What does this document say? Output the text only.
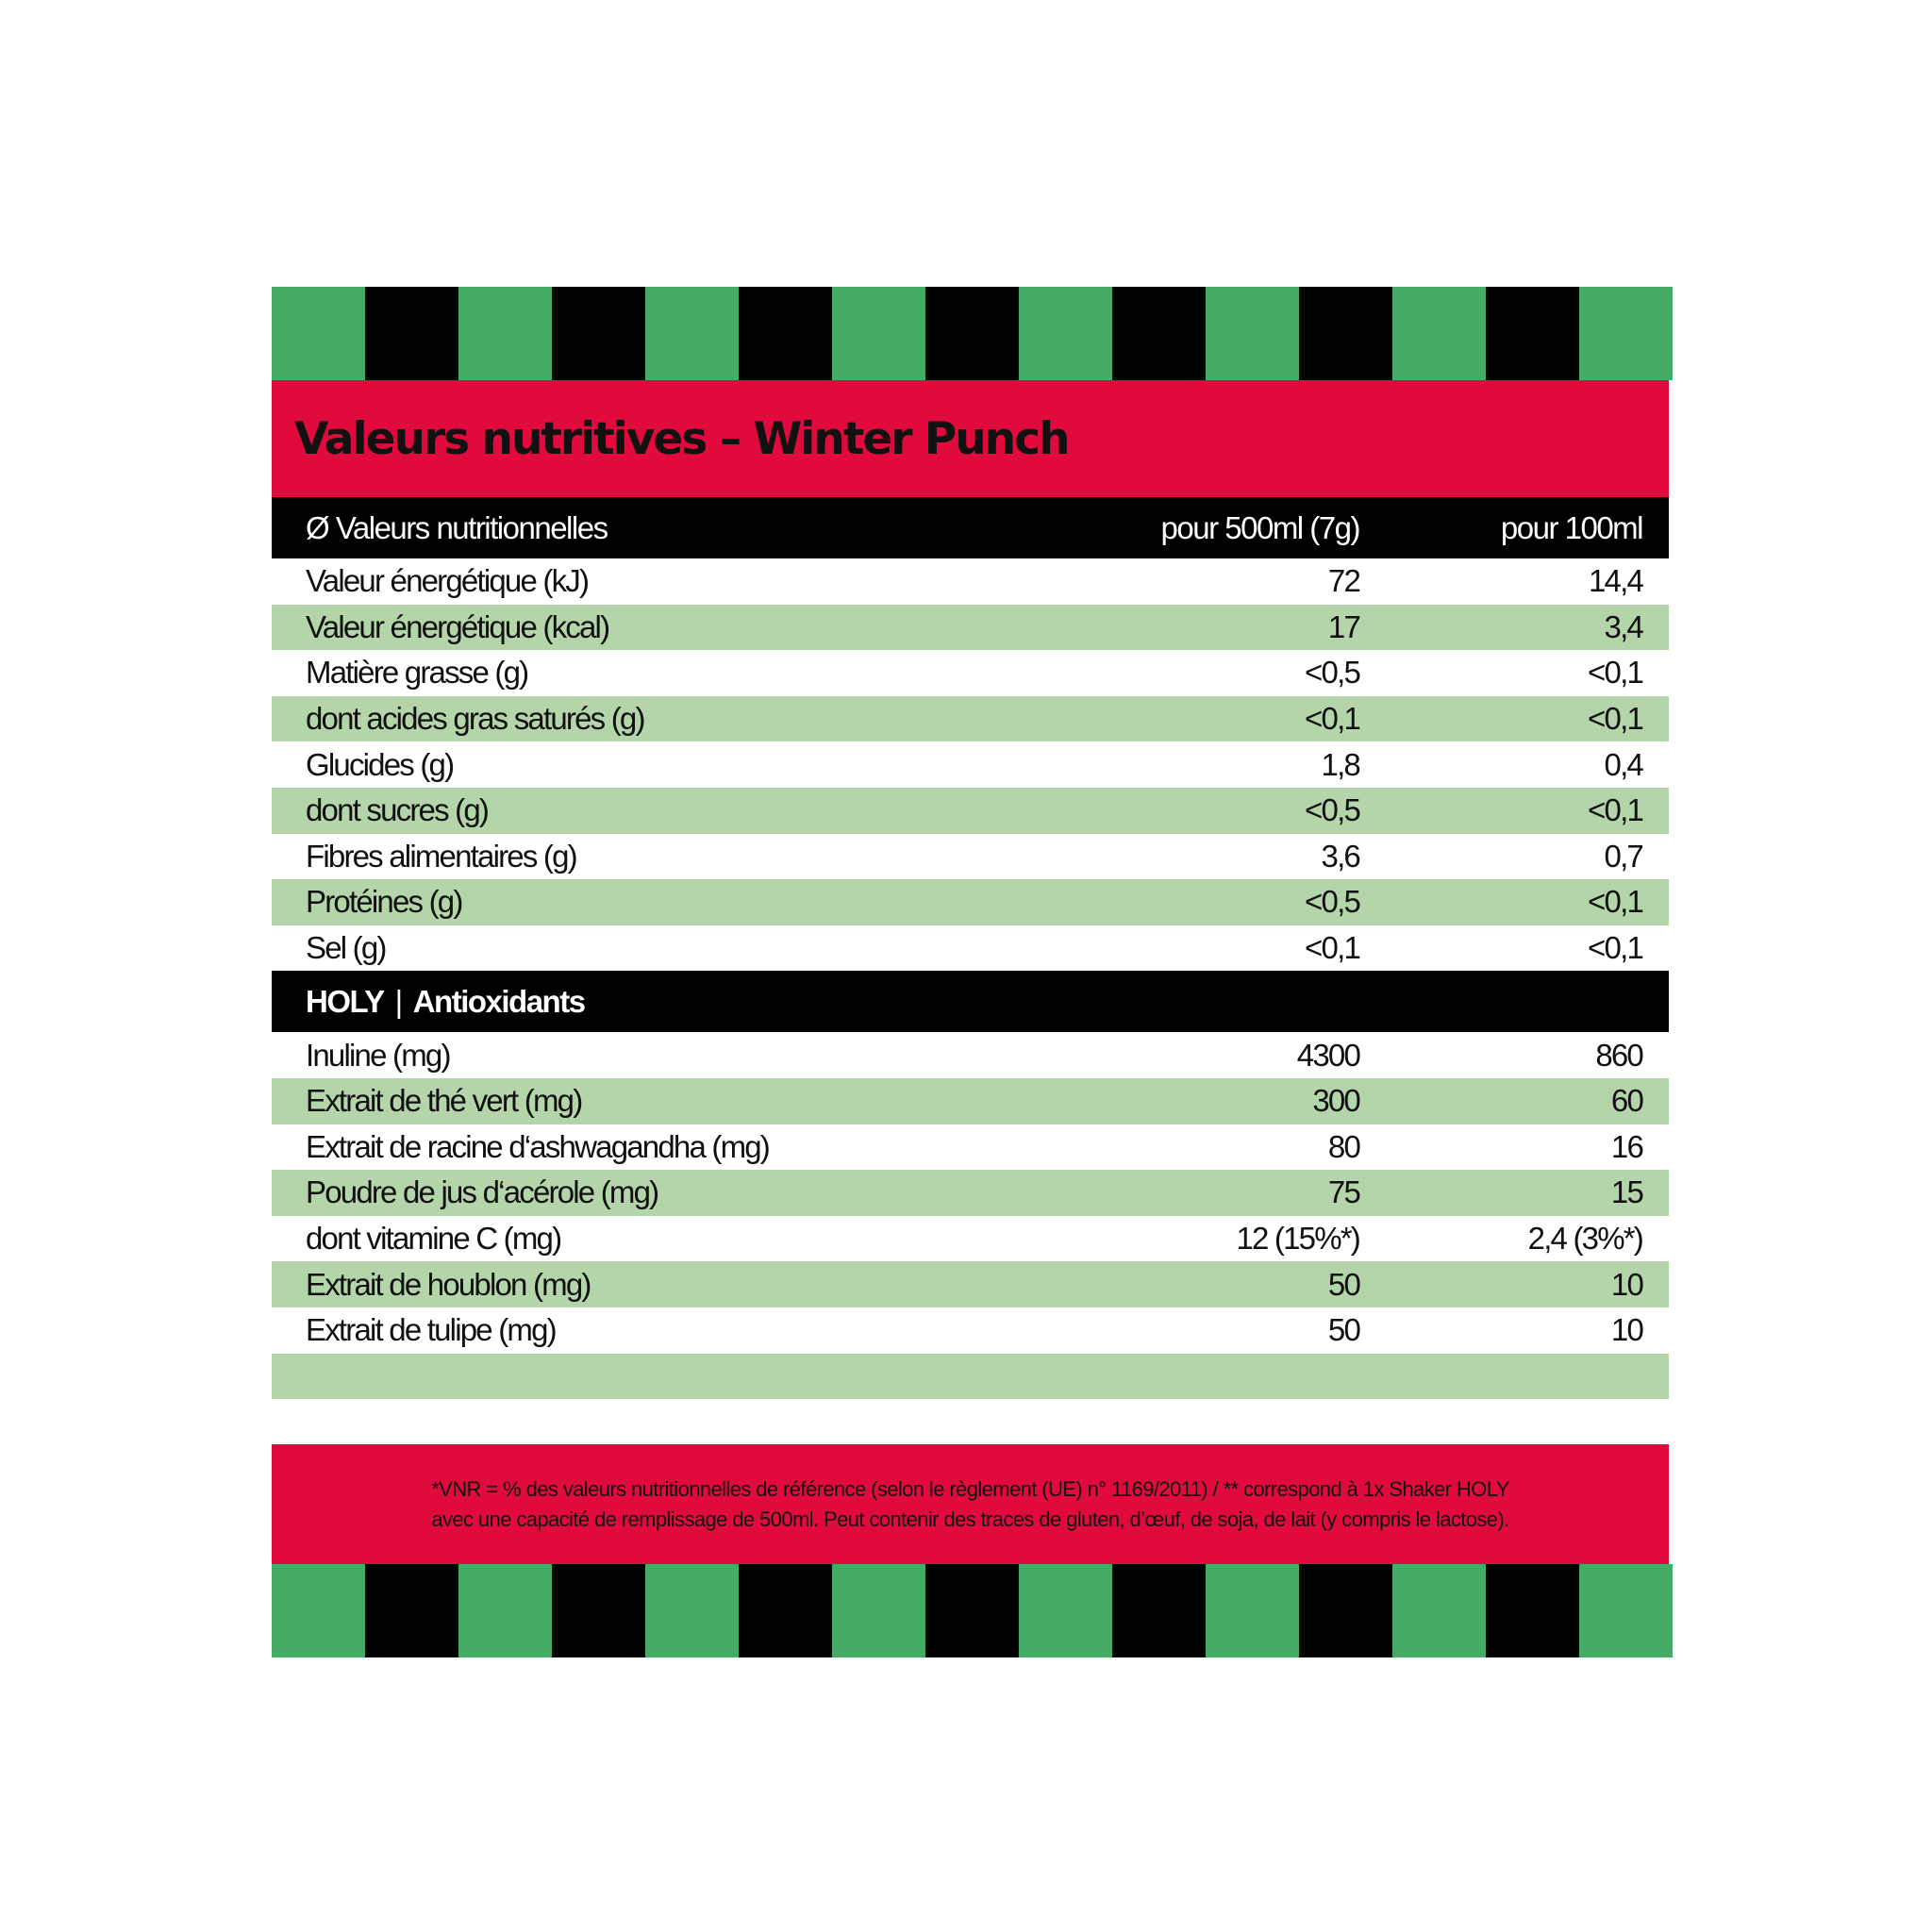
Valeurs nutritives – Winter Punch
Ø Valeurs nutritionnelles	pour 500ml (7g)	pour 100ml
Valeur énergétique (kJ)	72	14,4
Valeur énergétique (kcal)	17	3,4
Matière grasse (g)	<0,5	<0,1
dont acides gras saturés (g)	<0,1	<0,1
Glucides (g)	1,8	0,4
dont sucres (g)	<0,5	<0,1
Fibres alimentaires (g)	3,6	0,7
Protéines (g)	<0,5	<0,1
Sel (g)	<0,1	<0,1
HOLY | Antioxidants
Inuline (mg)	4300	860
Extrait de thé vert (mg)	300	60
Extrait de racine d‘ashwagandha (mg)	80	16
Poudre de jus d‘acérole (mg)	75	15
dont vitamine C (mg)	12 (15%*)	2,4 (3%*)
Extrait de houblon (mg)	50	10
Extrait de tulipe (mg)	50	10
*VNR = % des valeurs nutritionnelles de référence (selon le règlement (UE) n° 1169/2011) / ** correspond à 1x Shaker HOLY
avec une capacité de remplissage de 500ml. Peut contenir des traces de gluten, d’œuf, de soja, de lait (y compris le lactose).
